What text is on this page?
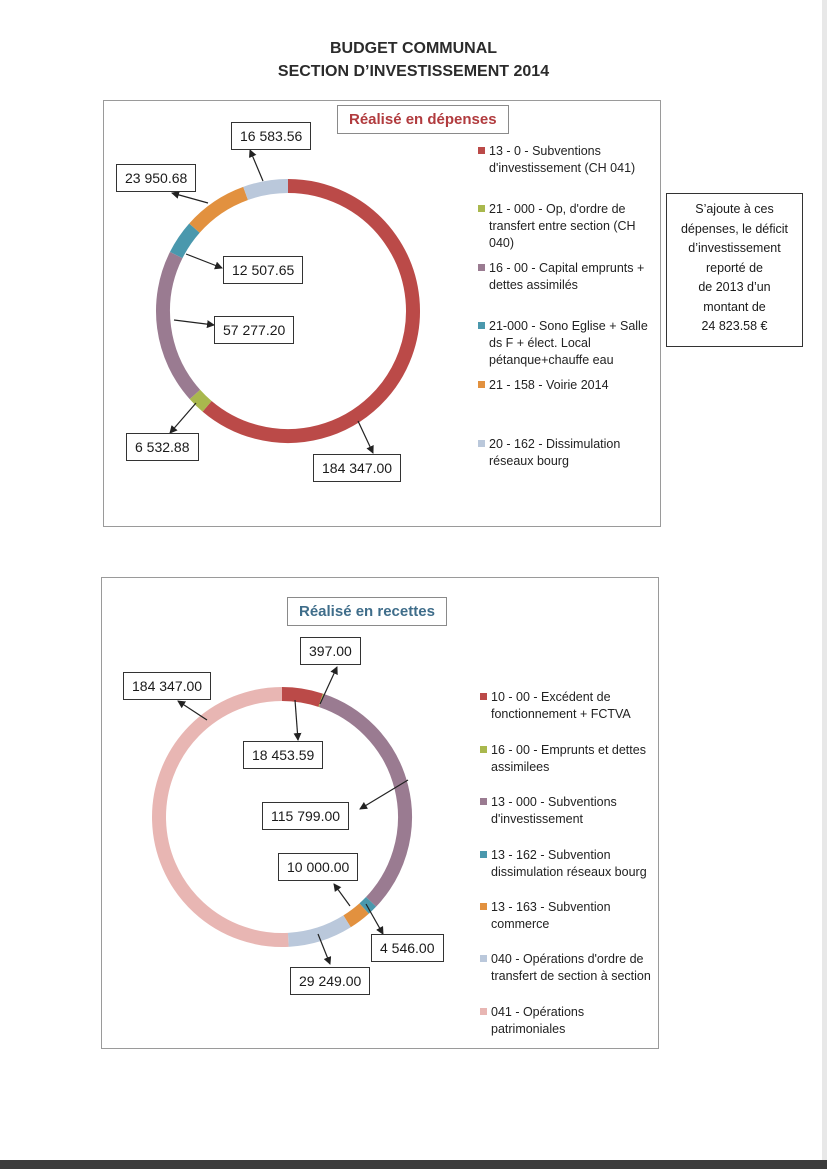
BUDGET COMMUNAL
SECTION D’INVESTISSEMENT 2014
Réalisé en dépenses
Réalisé en recettes
16 583.56
23 950.68
12 507.65
57 277.20
6 532.88
184 347.00
397.00
184 347.00
18 453.59
115 799.00
10 000.00
4 546.00
29 249.00
13 - 0 - Subventions
d'investissement (CH 041)
21 - 000 - Op, d'ordre de
transfert entre section (CH
040)
16 - 00 - Capital emprunts +
dettes assimilés
21-000 - Sono Eglise + Salle
ds F + élect. Local
pétanque+chauffe eau
21 - 158 - Voirie 2014
20 - 162 - Dissimulation
réseaux bourg
10 - 00 - Excédent de
fonctionnement + FCTVA
16 - 00 - Emprunts et dettes
assimilees
13 - 000 - Subventions
d'investissement
13 - 162 - Subvention
dissimulation réseaux bourg
13 - 163 - Subvention
commerce
040 - Opérations d'ordre de
transfert de section à section
041 - Opérations
patrimoniales
S’ajoute à ces
dépenses, le déficit
d’investissement
reporté de
de 2013 d’un
montant de
24 823.58 €
